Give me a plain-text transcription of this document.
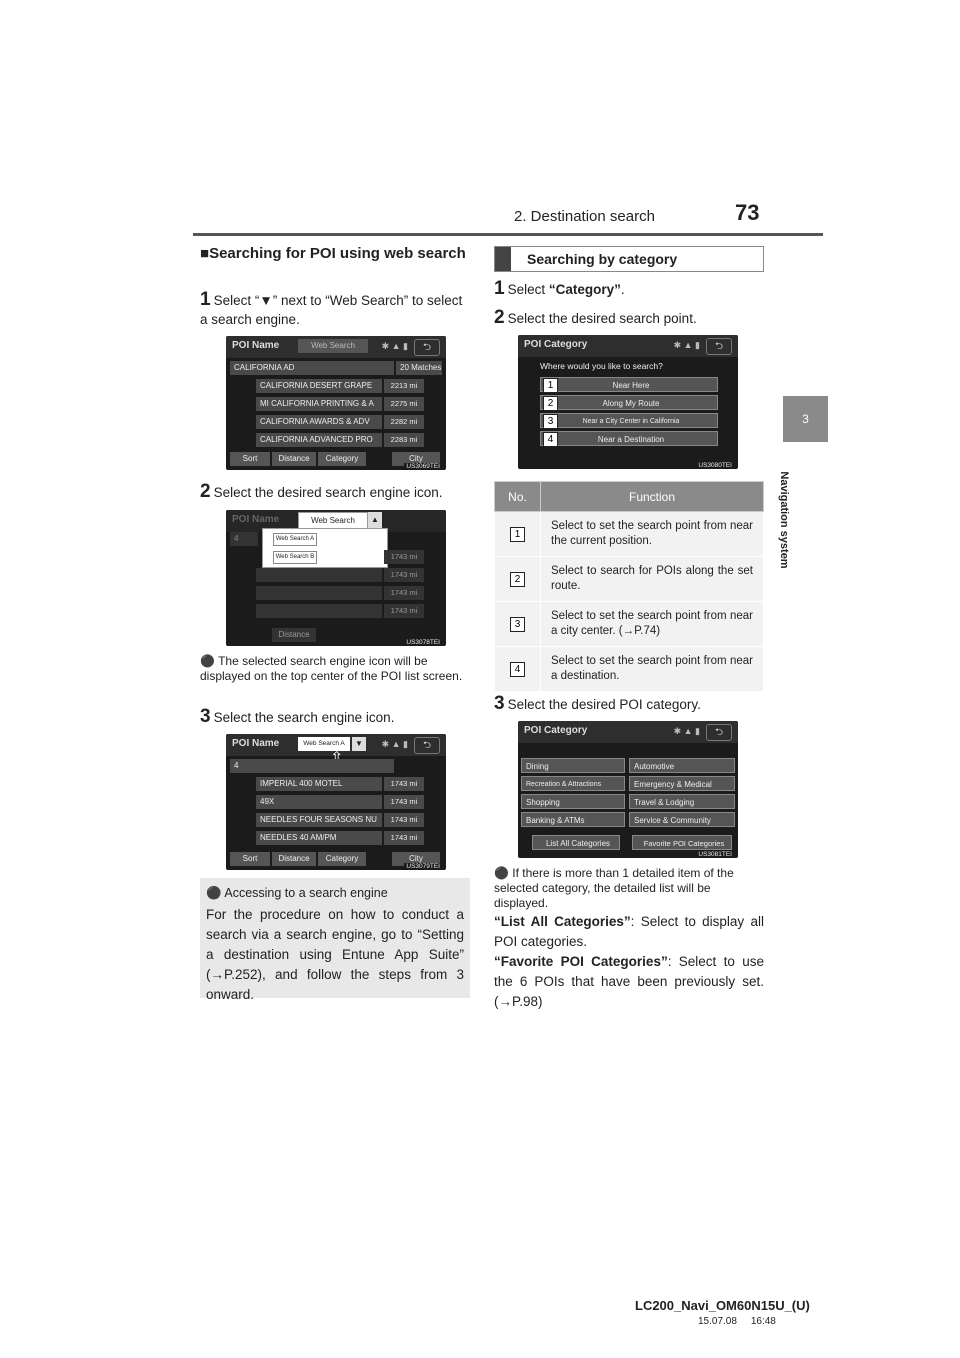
2. Destination search	73
3
Navigation system
■Searching for POI using web search
1 Select “▼” next to “Web Search” to select a search engine.
POI Name	Web Search	✱ ▲ ▮	⮌
CALIFORNIA AD	20 Matches
CALIFORNIA DESERT GRAPE	2213 mi
MI CALIFORNIA PRINTING & A	2275 mi
CALIFORNIA AWARDS & ADV	2282 mi
CALIFORNIA ADVANCED PRO	2283 mi
Sort	Distance	Category	City
US3069TEI
2 Select the desired search engine icon.
POI Name	Web Search	▲
Web Search A
Web Search B
4
1743 mi
1743 mi
1743 mi
1743 mi
Distance
US3078TEI
⚫ The selected search engine icon will be displayed on the top center of the POI list screen.
3 Select the search engine icon.
POI Name	Web Search A	▼	✱ ▲ ▮	⮌
4
IMPERIAL 400 MOTEL	1743 mi
49X	1743 mi
NEEDLES FOUR SEASONS NU	1743 mi
NEEDLES 40 AM/PM	1743 mi
Sort	Distance	Category	City
US3079TEI
⚫ Accessing to a search engine
For the procedure on how to conduct a search via a search engine, go to “Setting a destination using Entune App Suite” (→P.252), and follow the steps from 3 onward.
Searching by category
1 Select “Category”.
2 Select the desired search point.
POI Category	✱ ▲ ▮	⮌
Where would you like to search?
1	Near Here
2	Along My Route
3	Near a City Center in California
4	Near a Destination
US3080TEI
No.	Function
1	Select to set the search point from near the current position.
2	Select to search for POIs along the set route.
3	Select to set the search point from near a city center. (→P.74)
4	Select to set the search point from near a destination.
3 Select the desired POI category.
POI Category	✱ ▲ ▮	⮌
Dining	Automotive
Recreation & Attractions	Emergency & Medical
Shopping	Travel & Lodging
Banking & ATMs	Service & Community
List All Categories	Favorite POI Categories
US3081TEI
⚫ If there is more than 1 detailed item of the selected category, the detailed list will be displayed.
“List All Categories”: Select to display all POI categories.
“Favorite POI Categories”: Select to use the 6 POIs that have been previously set. (→P.98)
LC200_Navi_OM60N15U_(U)
15.07.08     16:48
